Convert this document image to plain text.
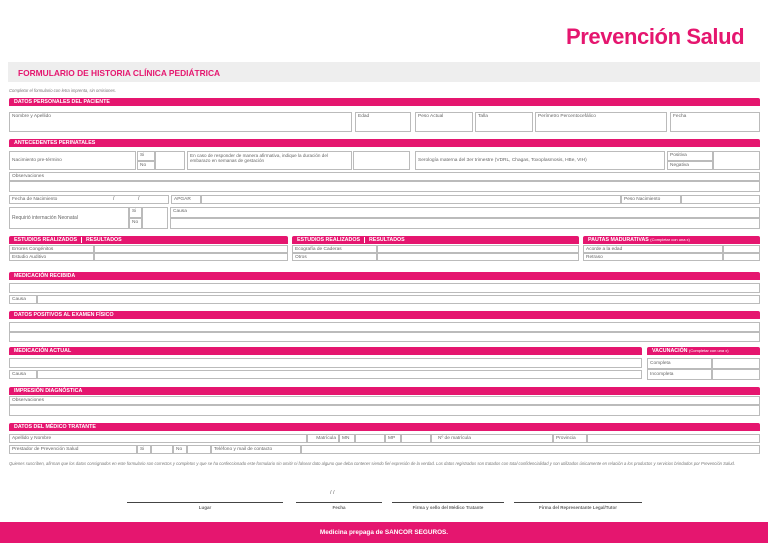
Prevención Salud
FORMULARIO DE HISTORIA CLÍNICA PEDIÁTRICA
Completar el formulario con letra imprenta, sin omisiones.
DATOS PERSONALES DEL PACIENTE
Nombre y Apellido	Edad	Peso Actual	Talla	Perímetro Percentocefálico	Fecha
ANTECEDENTES PERINATALES
Nacimiento pre-término
Si
No
En caso de responder de manera afirmativa, indique la duración del embarazo en semanas de gestación	Serología materna del 3er trimestre (VDRL, Chagas, Toxoplasmosis, HBe, VIH)
Positiva
Negativa
Observaciones
Fecha de Nacimiento	/	/	APGAR	Peso Nacimiento
Requirió internación Neonatal
Si
No
Causa
ESTUDIOS REALIZADOS RESULTADOS
Errores Congénitos
Estudio Auditivo
ESTUDIOS REALIZADOS RESULTADOS
Ecografía de Caderas
Otros
PAUTAS MADURATIVAS (Completar con una x)
Acorde a la edad
Retraso
MEDICACIÓN RECIBIDA
Causa
DATOS POSITIVOS AL EXAMEN FÍSICO
MEDICACIÓN ACTUAL
Causa
VACUNACIÓN (Completar con una x)
Completa
Incompleta
IMPRESIÓN DIAGNÓSTICA
Observaciones
DATOS DEL MÉDICO TRATANTE
Apellido y Nombre	Matrícula	MN	MP	Nº de matrícula	Provincia
Prestador de Prevención Salud	Si	No	Teléfono y mail de contacto
Quienes suscriben, afirman que los datos consignados en este formulario son correctos y completos y que se ha confeccionado este formulario sin omitir ni falsear dato alguno que deba contener siendo fiel expresión de la verdad. Los datos registrados son tratados con total confidencialidad y son utilizados únicamente en relación a los productos y servicios brindados por Prevención Salud.
/ /
Lugar	Fecha	Firma y sello del Médico Tratante	Firma del Representante Legal/Tutor
Medicina prepaga de SANCOR SEGUROS.
